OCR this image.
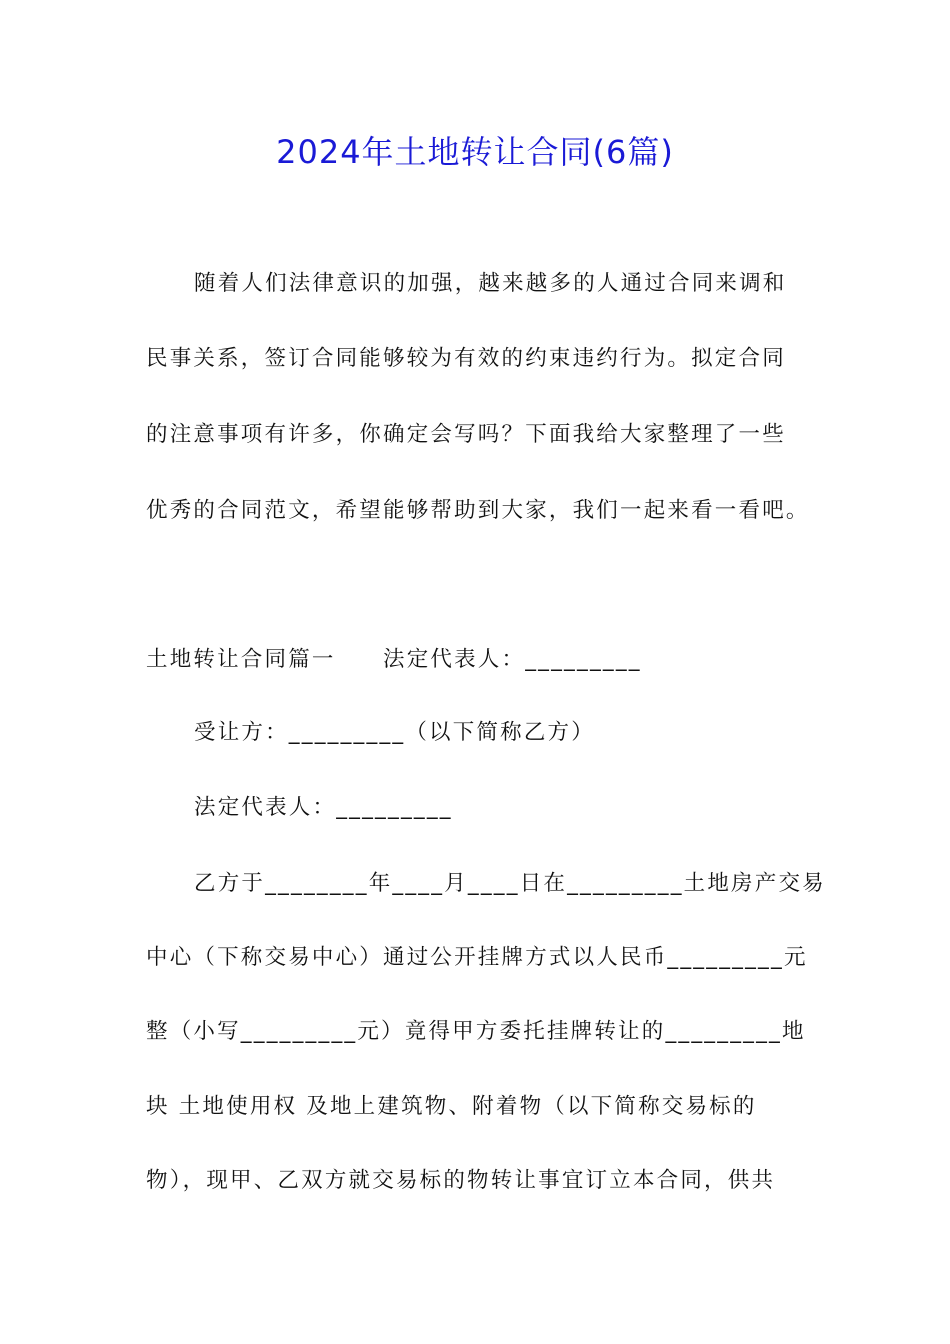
2024年土地转让合同(6篇)
随着人们法律意识的加强，越来越多的人通过合同来调和
民事关系，签订合同能够较为有效的约束违约行为。拟定合同
的注意事项有许多，你确定会写吗？下面我给大家整理了一些
优秀的合同范文，希望能够帮助到大家，我们一起来看一看吧。
土地转让合同篇一　　法定代表人：_________
受让方：_________（以下简称乙方）
法定代表人：_________
乙方于________年____月____日在_________土地房产交易
中心（下称交易中心）通过公开挂牌方式以人民币_________元
整（小写_________元）竟得甲方委托挂牌转让的_________地
块 土地使用权 及地上建筑物、附着物（以下简称交易标的
物），现甲、乙双方就交易标的物转让事宜订立本合同，供共
